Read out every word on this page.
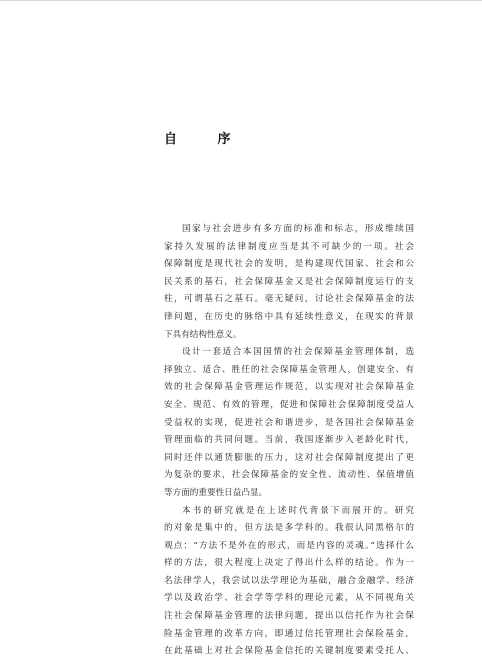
自 序
国家与社会进步有多方面的标准和标志，形成维续国
家持久发展的法律制度应当是其不可缺少的一项。社会
保障制度是现代社会的发明，是构建现代国家、社会和公
民关系的基石，社会保障基金又是社会保障制度运行的支
柱，可谓基石之基石。毫无疑问，讨论社会保障基金的法
律问题，在历史的脉络中具有延续性意义，在现实的背景
下具有结构性意义。
设计一套适合本国国情的社会保障基金管理体制，选
择独立、适合、胜任的社会保障基金管理人，创建安全、有
效的社会保障基金管理运作规范，以实现对社会保障基金
安全、规范、有效的管理，促进和保障社会保障制度受益人
受益权的实现，促进社会和谐进步，是各国社会保障基金
管理面临的共同问题。当前，我国逐渐步入老龄化时代，
同时还伴以通货膨胀的压力，这对社会保障制度提出了更
为复杂的要求，社会保障基金的安全性、流动性、保值增值
等方面的重要性日益凸显。
本书的研究就是在上述时代背景下而展开的。研究
的对象是集中的，但方法是多学科的。我很认同黑格尔的
观点：“方法不是外在的形式，而是内容的灵魂。”选择什么
样的方法，很大程度上决定了得出什么样的结论。作为一
名法律学人，我尝试以法学理论为基础，融合金融学、经济
学以及政治学、社会学等学科的理论元素，从不同视角关
注社会保障基金管理的法律问题，提出以信托作为社会保
险基金管理的改革方向，即通过信托管理社会保险基金，
在此基础上对社会保险基金信托的关键制度要素受托人、
